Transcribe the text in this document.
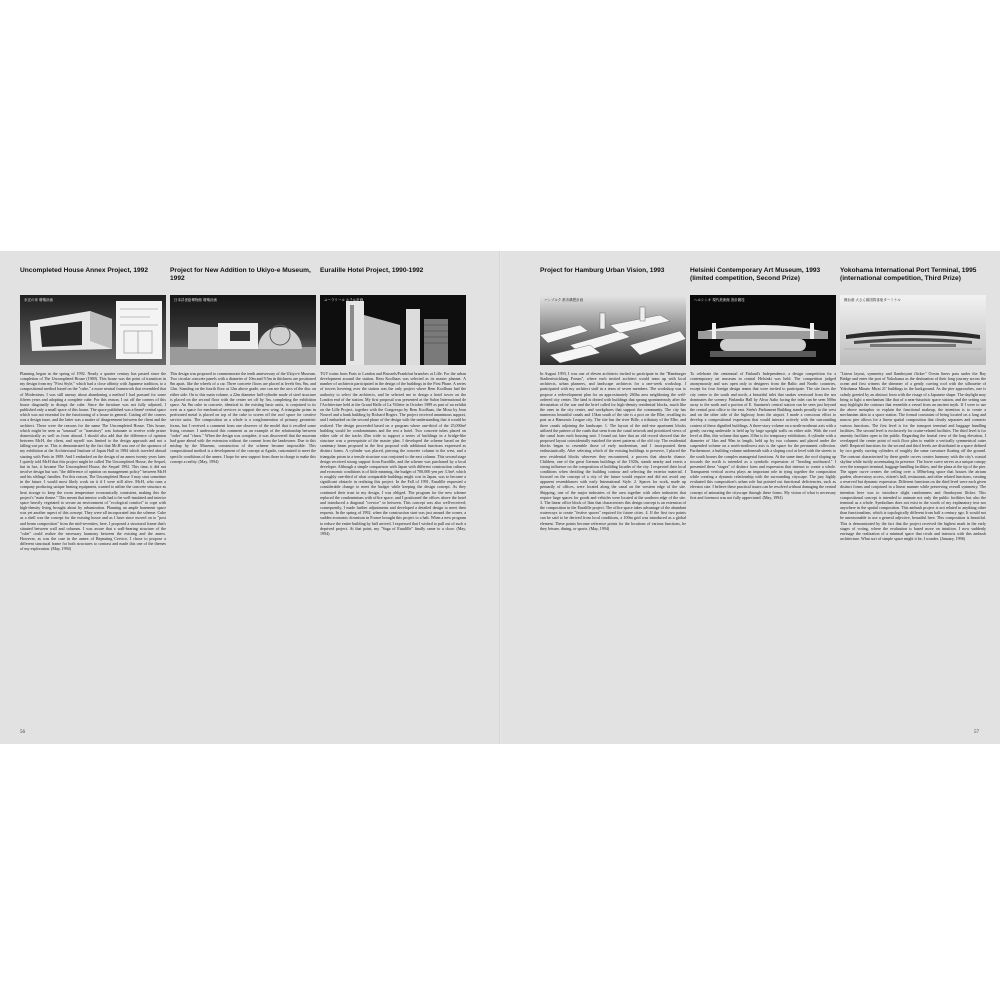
Uncompleted House Annex Project, 1992
未完の家 増築計画

Planning began in the spring of 1992. Nearly a quarter century has passed since the completion of The Uncompleted House (1969). This house was the point of transition in my design from my "First Style," which had a close affinity with Japanese tradition, to a compositional method based on the "cube," a more neutral framework that resembled that of Modernism. I was still uneasy about abandoning a method I had pursued for some fifteen years and adopting a complete cube. For this reason, I cut off the corners of this house diagonally to disrupt the cube. Since the furniture was not fully adjusted, I published only a small space of this house. The space published was a 6mm³ central space which was not essential for the functioning of a house in general. Cutting off the corners was a design issue, and the latter was a matter of disagreement between the client and the architect. These were the reasons for the name The Uncompleted House. This house, which might be seen as "unusual" or "transitory" was fortunate to receive wide praise domestically as well as from abroad. I should also add that the difference of opinion between Mr.H, the client, and myself was limited to the design approach and not a falling-out per se. This is demonstrated by the fact that Mr.H was one of the sponsors of my exhibition at the Architectural Institute of Japan Hall in 1984 which traveled abroad starting with Paris in 1989. And I embarked on the design of an annex twenty years later. I quietly told Mr.H that this project might be called The Uncompleted House, the Sequel, but in fact, it became The Uncompleted House, the Sequel 1992. This time, it did not involve design but was "the difference of opinion on management policy" between Mr.H and his siblings' families. For this reason, The Uncompleted House 3 may start sometime in the future. I would most likely work on it if I were still alive. Mr.H, who runs a company producing unique heating equipment, wanted to utilize the concrete structure as heat storage to keep the room temperature economically consistent, making this the project's "main theme." This meant that interior walls had to be well-insulated and interior space heavily vegetated to secure an environment of "ecological comfort" to cope with high-density living brought about by urbanization. Planning an ample basement space was yet another aspect of this concept. They were all incorporated into the scheme. Cube as a shell was the concept for the existing house and as I have since moved on to "post and beam composition" from the mid-seventies, here, I proposed a structural frame that's situated between wall and columns. I was aware that a wall-bearing structure of the "cube" could realize the necessary harmony between the existing and the annex. However, as was the case in the annex of Repeating Cervice, I chose to propose a different structural frame for both structures to contrast and made this one of the themes of my exploration. (May, 1994)

Project for New Addition to Ukiyo-e Museum, 1992
日本浮世絵博物館 増築計画

This design was proposed to commemorate the tenth anniversary of the Ukiyo-e Museum. Two circular concrete panels with a diameter of 10m and 9.5m in thickness are positioned 8m apart, like the wheels of a car. Three concrete floors are placed at levels 6m, 8m, and 12m. Standing on the fourth floor at 12m above grade, one can see the arcs of the disc on either side. On to this main volume, a 22m diameter half-cylinder made of steel structure is placed on the second floor with the center set off by 3m, completing the exhibition space. An 8m cube in concrete, identical to the existing basic units, is conjoined to its west as a space for mechanical services to support the new wing. A triangular prism in perforated metal is placed on top of the cube to screen off the roof space for creative service units. The composition as a whole is a conglomeration of primary geometric forms, but I received a comment from one observer of the model that it recalled some living creature. I understood this comment as an example of the relationship between "order" and "chaos." When the design was complete, it was discovered that the museum had gone ahead with the extension without the consent from the landowner. Due to this mishap by the Museum, construction of the scheme became impossible. This compositional method is a development of the concept at Agadir, customized to meet the specific conditions of the annex. I hope for new support from those in charge to make this concept a reality. (May, 1994)

Euralille Hotel Project, 1990-1992
ユーラリール ホテル計画

TGV trains from Paris to London and Brussels/Frankfurt branches at Lille. For the urban development around the station, Rem Koolhaas was selected as its master planner. A number of architects participated in the design of the buildings in the First Phase. A series of towers hovering over the station was the only project where Rem Koolhaas had the authority to select the architects, and he selected me to design a hotel tower on the London end of the station. My first proposal was presented at the Salon International de l'Architecture held at the Grand Halle of La Villette in October 1989 as part of an exhibit on the Lille Project, together with the Congrexpo by Rem Koolhaas, the Mosa by Jean Nouvel and a bank building by Richard Rogers. The project received unanimous support, and I embarked on the second phase of the design with the understanding that it would be realized. The design proceeded based on a program where one-third of the 25,000m² building would be condominiums and the rest a hotel. Two concrete tubes placed on either side of the tracks 45m wide to support a series of buildings in a bridge-like structure was a prerequisite of the master plan. I developed the scheme based on the cantenary beam proposed in the first proposal with additional functions expressed as distinct forms. A cylinder was placed, piercing the concrete column to the west, and a triangular prism in a tensile structure was conjoined to the east column. This second stage design received strong support from Euralille, and the scheme was purchased by a local developer. Although a simple comparison with Japan with different construction cultures and economic conditions is of little meaning, the budget of 700,000 yen per 3.3m², which is roughly one-third of what comparable buildings might cost in Japan, was to become a significant obstacle in realizing this project. In the Fall of 1991, Euralille requested a considerable change to meet the budget while keeping the design concept. As they continued their trust in my design, I was obliged. The program for the new scheme replaced the condominium with office space, and I positioned the offices above the hotel and introduced a diagonal "cervice" in between. This concept was also well-received; consequently, I made further adjustments and developed a detailed design to meet their requests. In the spring of 1992, when the construction start was just around the corner, a sudden economic downturn in France brought this project to a halt. When a new program to reduce the entire building by half arrived, I expressed that I wished to pull out of such a deprived project. At that point, my "Saga of Euralille" finally came to a close. (May, 1994)

Project for Hamburg Urban Vision, 1993
ハンブルク 都市構想計画

In August 1993, I was one of eleven architects invited to participate in the "Hamburger Stadtentwicklung Forum", where each invited architect would team up with local architects, urban planners, and landscape architects for a one-week workshop. I participated with my architect staff in a team of seven members. The workshop was to propose a redevelopment plan for an approximately 260ha area neighboring the well-ordered city center. The land is dotted with buildings that sprang spontaneously after the devastation of the war and the brief called for high-density residential blocks, much like the ones in the city center, and workplaces that support the community. The city has numerous beautiful canals and 15km south of the site is a port on the Elbe, recalling its past as a Hanseatic League city. The site has the river Bille, a tributary of the Elbe, and three canals adjoining the landscape. 1. The layout of the mid-rise apartment blocks utilized the pattern of the roads that stem from the canal network and prioritized views of the canal from each housing unit. I found out later that an old record showed that the proposed layout coincidentally matched the street patterns of the old city. The residential blocks began to resemble those of early modernism, and I incorporated them enthusiastically. After selecting which of the existing buildings to preserve, I placed the new residential blocks wherever they encountered, a process that absorbs chance. Children, one of the great German buildings of the 1920s, stands nearby and exerts a strong influence on the composition of building facades of the city. I respected their local conditions when deciding the building contour and selecting the exterior material. I focused on the concept of a city of the future would require and did not avoid any apparent resemblances with early International Style. 2. Spaces for work, made up primarily of offices, were located along the canal on the western edge of the site. Shipping, one of the major industries of the area together with other industries that require large spaces for goods and vehicles were located at the southern edge of the site. 3. The linear office block of 1km that characterizes this design concept is an extension of the composition in the Euralille project. The office space takes advantage of the abundant waterways to create "festive spaces" required for future cities. 4. If the first two points can be said to be derived from local conditions, a 100m grid was introduced as a global element. These points become reference points for the locations of various functions, be they leisure, dining, or sports. (May, 1994)

Helsinki Contemporary Art Museum, 1993
(limited competition, Second Prize)
ヘルシンキ 現代美術館 設計競技

To celebrate the centennial of Finland's Independence, a design competition for a contemporary art museum in central Helsinki was held. The competition judged anonymously and was open only to designers from the Baltic and Nordic countries, except for four foreign design teams that were invited to participate. The site faces the city center to the south and north, a beautiful inlet that snakes westward from the sea dominates the scenery. Finlandia Hall by Alvar Aalto facing the inlet can be seen 500m away to the north and a portion of E. Saarinen's central station can be seen just beyond the central post office to the east. Sirén's Parliament Building stands proudly to the west and on the other side of the highway from the airport. I made a conscious effort to develop a compositional expression that would interact actively with the surrounding context of these dignified buildings. A three-story volume on a north-northeast axis with a gently curving underside is held up by large upright walls on either side. With the roof level at 40m, this volume that spans 110m is for temporary exhibitions. A cylinder with a diameter of 14m and 90m in length, held up by two columns and placed under the suspended volume on a north-northwest axis is the space for the permanent collection. Furthermore, a building volume underneath with a sloping roof at level with the streets to the south houses the complex managerial functions. At the same time, the roof sloping up towards the north is intended as a symbolic expression of "heading northward." I presented these "stages" of distinct form and expression that interact to create a whole. Transparent vertical access plays an important role in tying together the composition while creating a dynamic relationship with the surrounding cityscape. The jury highly evaluated this composition's urban role but pointed out functional deficiencies, such as elevator size. I believe these practical issues can be resolved without damaging the central concept of animating the cityscape through these forms. My vision of what is necessary first and foremost was not fully appreciated. (May, 1994)

Yokohama International Port Terminal, 1995
(international competition, Third Prize)
横浜港 大さん橋国際客船ターミナル

"Linear layout, symmetry and flamboyant flicker" Ocean liners pass under the Bay Bridge and enter the port of Yokohama as the destination of their long journey across the ocean and first witness the shimmer of a gently curving roof with the silhouette of Yokohama Minato Mirai 21' buildings in the background. As the pier approaches, one is calmly greeted by an abstract form with the visage of a Japanese shape. The daylight may bring to light a mechanism like that of a near-futuristic space station, and the setting sun may highlight the contours that resemble a vessel from an ancient myth. If I were to use the above metaphor to explain the functional makeup, the intention is to create a mechanism akin to a space station. The formal constraint of being located on a long and narrow pier allows for a linear spatial composition that clearly separates and connects various functions. The first level is for the transport terminal and baggage handling facilities. The second level is exclusively for cruise-related facilities. The third level is for amenity facilities open to the public. Regarding the frontal view of the long elevation, I overlapped the center point of each floor plan to enable a vertically symmetrical outer shell. Required functions for the second and third levels are distributed in a space defined by two gently curving cylinders of roughly the same curvature floating off the ground. The contrast characterized by these gentle curves creates harmony with the city's coastal skyline while tacitly accentuating its presence. The lower curve serves as a unique canopy over the transport terminal, baggage handling facilities, and the plaza at the tip of the pier. The upper curve creates the ceiling over a 380m-long space that houses the atrium garden, observatory access, citizen's hall, restaurants, and other related functions, creating a reserved but dynamic expression. Different functions on the third level were each given distinct forms and conjoined in a linear manner while preserving overall symmetry. The intention here was to introduce slight randomness and flamboyant flicker. This compositional concept is intended to animate not only the public facilities but also the terminal as a whole. Symbolism does not exist in the words of my explanatory text nor anywhere in the spatial composition. This ambush project is not related to anything other than functionalism, which is topologically different from half a century ago. It would not be unreasonable to use a general adjective, beautiful here. This composition is beautiful. This is demonstrated by the fact that the project received the highest mark in the early stages of voting, where the evaluation is based more on intuition. I now suddenly envisage the realization of a minimal space that rivals and interacts with this ambush architecture. What sort of simple space might it be, I wonder. (January, 1996)

56	57
